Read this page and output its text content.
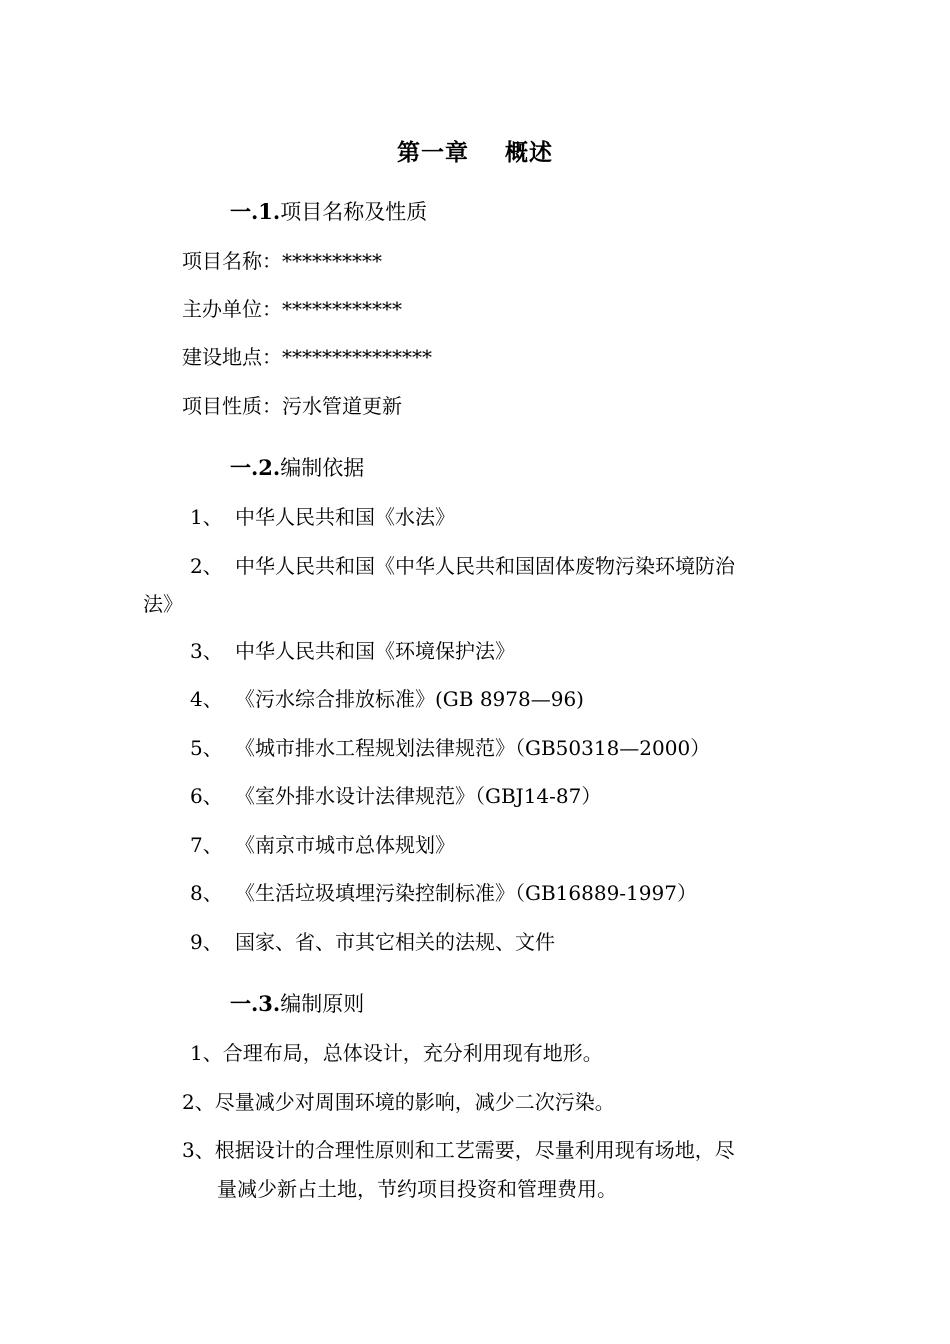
第一章    概述
一.1.项目名称及性质
项目名称：**********
主办单位：************
建设地点：***************
项目性质：污水管道更新
一.2.编制依据
1、 中华人民共和国《水法》
2、 中华人民共和国《中华人民共和国固体废物污染环境防治
法》
3、 中华人民共和国《环境保护法》
4、 《污水综合排放标准》(GB 8978—96)
5、 《城市排水工程规划法律规范》（GB50318—2000）
6、 《室外排水设计法律规范》（GBJ14-87）
7、 《南京市城市总体规划》
8、 《生活垃圾填埋污染控制标准》（GB16889-1997）
9、 国家、省、市其它相关的法规、文件
一.3.编制原则
1、合理布局，总体设计，充分利用现有地形。
2、尽量减少对周围环境的影响，减少二次污染。
3、根据设计的合理性原则和工艺需要，尽量利用现有场地，尽
量减少新占土地，节约项目投资和管理费用。
